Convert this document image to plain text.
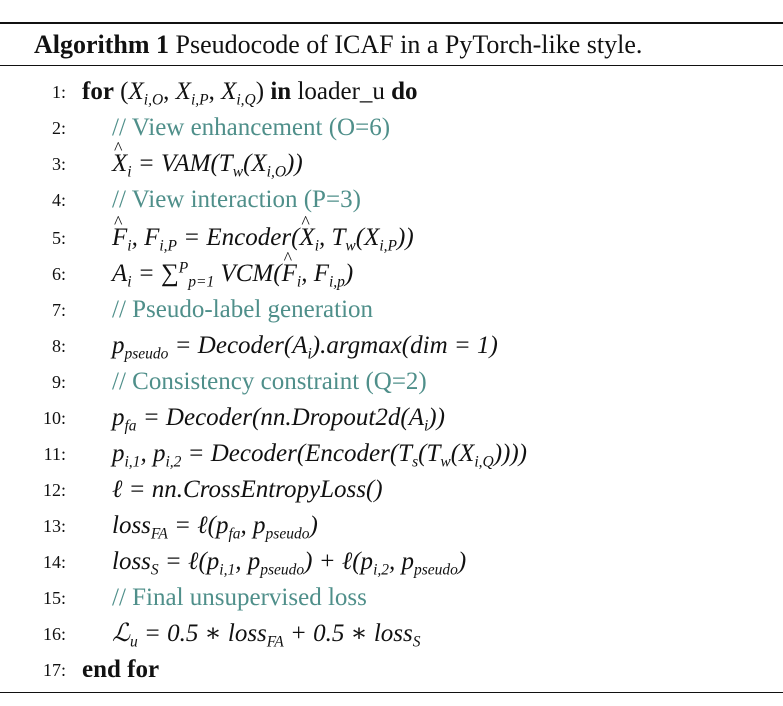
Algorithm 1 Pseudocode of ICAF in a PyTorch-like style.
1: for ($X_{i,O}$, $X_{i,P}$, $X_{i,Q}$) in loader_u do
2: // View enhancement (O=6)
3: ^ $X_i = VAM(T_w(X_{i,O}))$
4: // View interaction (P=3)
5: ^ $F_i$, $F_{i,P}$ = Encoder(^ $X_i$, $T_w(X_{i,P})$)
6: $A_i = \sum^P_{p=1}$ VCM(^ $F_i$, $F_{i,p}$)
7: // Pseudo-label generation
8: $p_{pseudo}$ = $Decoder(A_i).argmax(dim = 1)$
9: // Consistency constraint (Q=2)
10: $p_{fa}$ = $Decoder(nn.Dropout2d(A_i))$
11: $p_{i,1}$, $p_{i,2}$ = $Decoder(Encoder(T_s(T_w(X_{i,Q}))))$
12: ℓ = nn.CrossEntropyLoss()
13: loss$_{FA}$ = $\ell(p_{fa}$, $p_{pseudo}$)
14: loss$_S$ = $\ell(p_{i,1}$, $p_{pseudo}$) + $\ell(p_{i,2}$, $p_{pseudo}$)
15: // Final unsupervised loss
16: ℒ$_u$ = 0.5 ∗ loss$_{FA}$ + 0.5 ∗ loss$_S$
17: end for
